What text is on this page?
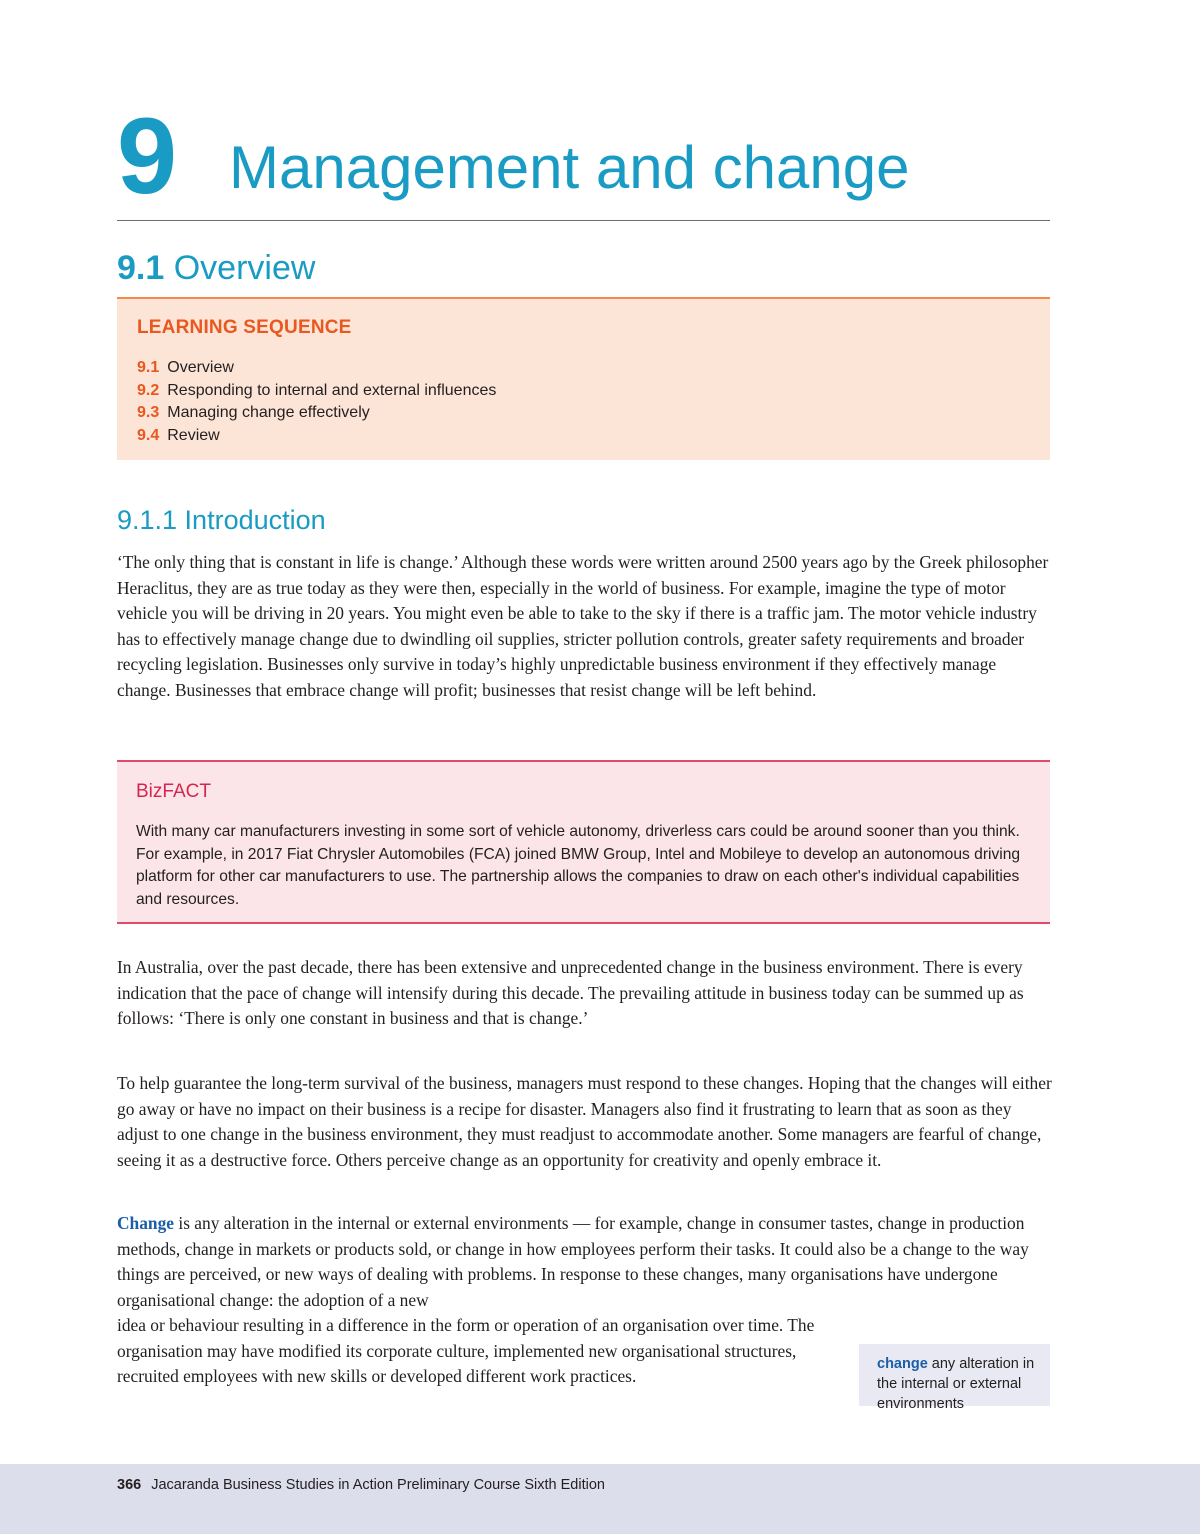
9 Management and change
9.1 Overview
LEARNING SEQUENCE
9.1 Overview
9.2 Responding to internal and external influences
9.3 Managing change effectively
9.4 Review
9.1.1 Introduction

‘The only thing that is constant in life is change.’ Although these words were written around 2500 years ago by the Greek philosopher Heraclitus, they are as true today as they were then, especially in the world of business. For example, imagine the type of motor vehicle you will be driving in 20 years. You might even be able to take to the sky if there is a traffic jam. The motor vehicle industry has to effectively manage change due to dwindling oil supplies, stricter pollution controls, greater safety requirements and broader recycling legislation. Businesses only survive in today’s highly unpredictable business environment if they effectively manage change. Businesses that embrace change will profit; businesses that resist change will be left behind.

BizFACT

With many car manufacturers investing in some sort of vehicle autonomy, driverless cars could be around sooner than you think. For example, in 2017 Fiat Chrysler Automobiles (FCA) joined BMW Group, Intel and Mobileye to develop an autonomous driving platform for other car manufacturers to use. The partnership allows the companies to draw on each other's individual capabilities and resources.

In Australia, over the past decade, there has been extensive and unprecedented change in the business environment. There is every indication that the pace of change will intensify during this decade. The prevailing attitude in business today can be summed up as follows: ‘There is only one constant in business and that is change.’

To help guarantee the long-term survival of the business, managers must respond to these changes. Hoping that the changes will either go away or have no impact on their business is a recipe for disaster. Managers also find it frustrating to learn that as soon as they adjust to one change in the business environment, they must readjust to accommodate another. Some managers are fearful of change, seeing it as a destructive force. Others perceive change as an opportunity for creativity and openly embrace it.

Change is any alteration in the internal or external environments — for example, change in consumer tastes, change in production methods, change in markets or products sold, or change in how employees perform their tasks. It could also be a change to the way things are perceived, or new ways of dealing with problems. In response to these changes, many organisations have undergone organisational change: the adoption of a new

idea or behaviour resulting in a difference in the form or operation of an organisation over time. The organisation may have modified its corporate culture, implemented new organisational structures, recruited employees with new skills or developed different work practices.

change any alteration in the internal or external environments
366 Jacaranda Business Studies in Action Preliminary Course Sixth Edition
